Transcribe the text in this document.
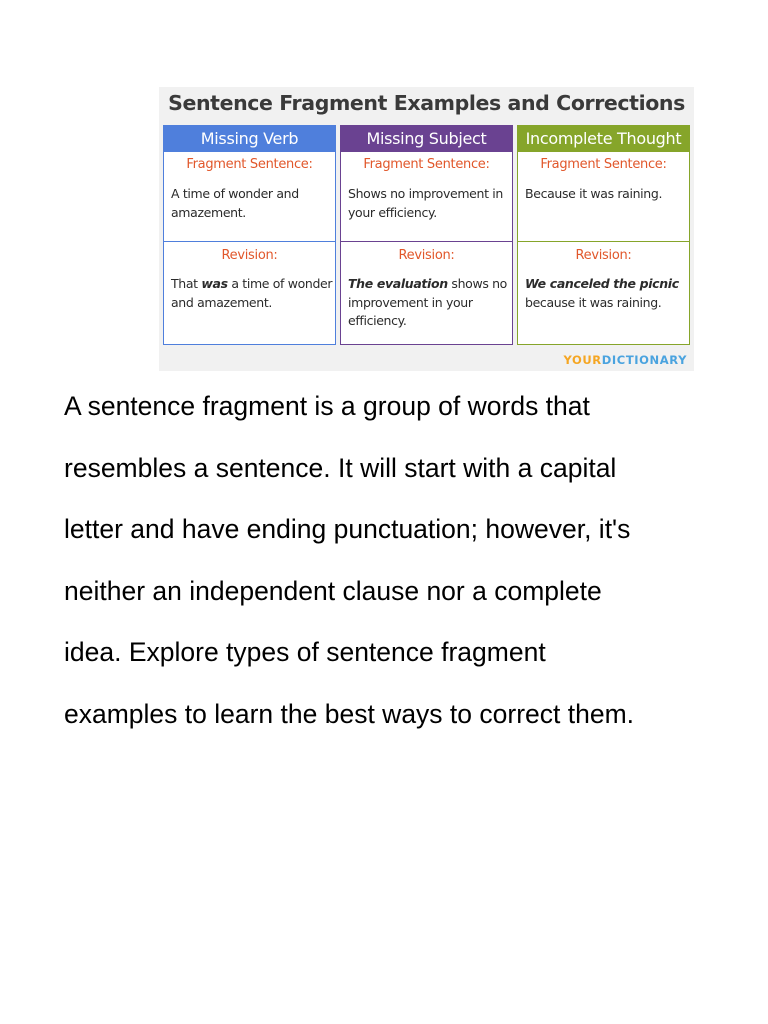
Sentence Fragment Examples and Corrections
Missing Verb
Fragment Sentence:
A time of wonder and amazement.
Revision:
That was a time of wonder and amazement.
Missing Subject
Fragment Sentence:
Shows no improvement in your efficiency.
Revision:
The evaluation shows no improvement in your efficiency.
Incomplete Thought
Fragment Sentence:
Because it was raining.
Revision:
We canceled the picnic because it was raining.
YOURDICTIONARY
A sentence fragment is a group of words that
resembles a sentence. It will start with a capital
letter and have ending punctuation; however, it's
neither an independent clause nor a complete
idea. Explore types of sentence fragment
examples to learn the best ways to correct them.
